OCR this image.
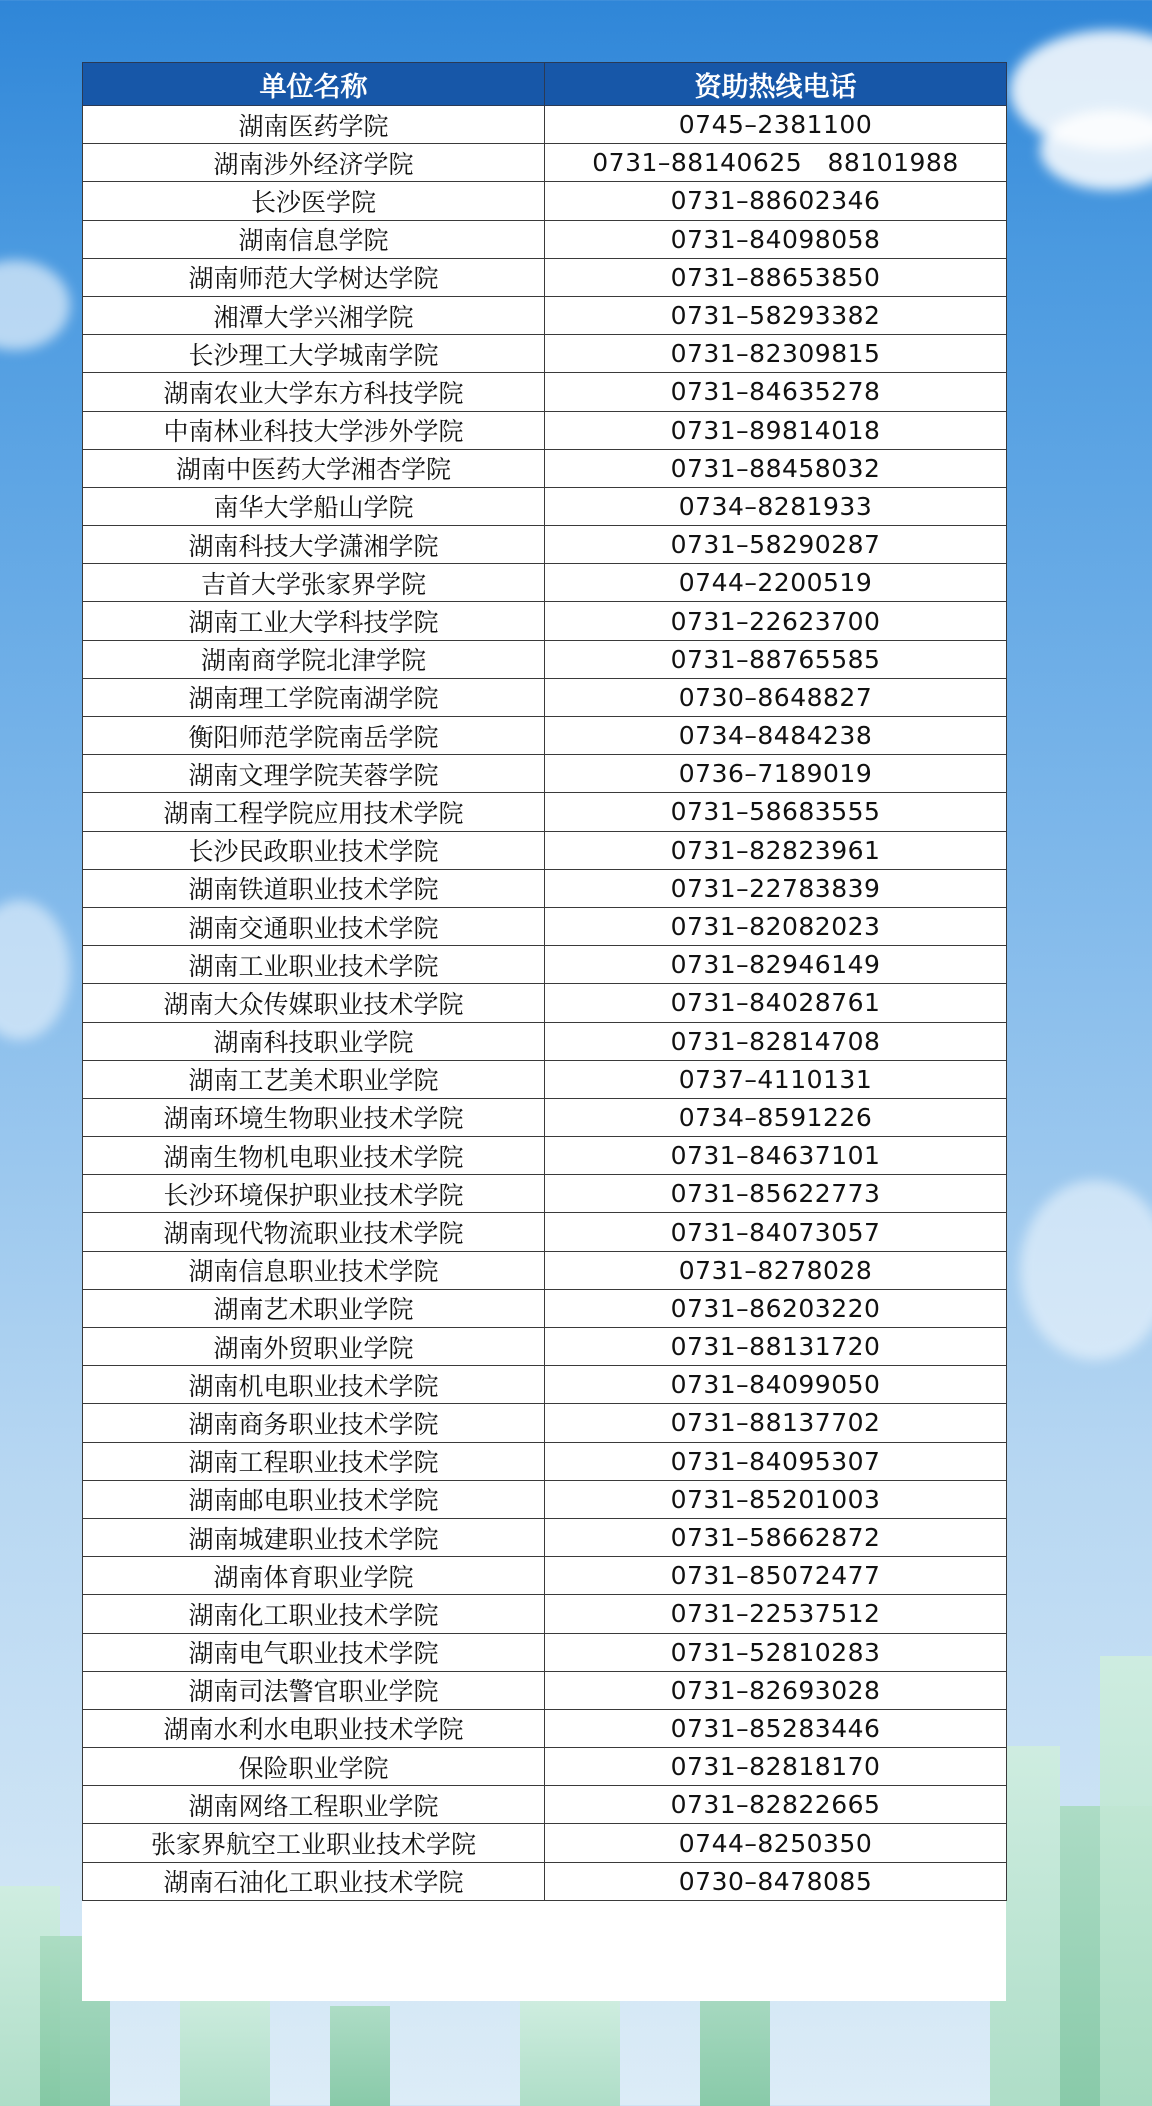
单位名称	资助热线电话
湖南医药学院	0745–2381100
湖南涉外经济学院	0731–88140625   88101988
长沙医学院	0731–88602346
湖南信息学院	0731–84098058
湖南师范大学树达学院	0731–88653850
湘潭大学兴湘学院	0731–58293382
长沙理工大学城南学院	0731–82309815
湖南农业大学东方科技学院	0731–84635278
中南林业科技大学涉外学院	0731–89814018
湖南中医药大学湘杏学院	0731–88458032
南华大学船山学院	0734–8281933
湖南科技大学潇湘学院	0731–58290287
吉首大学张家界学院	0744–2200519
湖南工业大学科技学院	0731–22623700
湖南商学院北津学院	0731–88765585
湖南理工学院南湖学院	0730–8648827
衡阳师范学院南岳学院	0734–8484238
湖南文理学院芙蓉学院	0736–7189019
湖南工程学院应用技术学院	0731–58683555
长沙民政职业技术学院	0731–82823961
湖南铁道职业技术学院	0731–22783839
湖南交通职业技术学院	0731–82082023
湖南工业职业技术学院	0731–82946149
湖南大众传媒职业技术学院	0731–84028761
湖南科技职业学院	0731–82814708
湖南工艺美术职业学院	0737–4110131
湖南环境生物职业技术学院	0734–8591226
湖南生物机电职业技术学院	0731–84637101
长沙环境保护职业技术学院	0731–85622773
湖南现代物流职业技术学院	0731–84073057
湖南信息职业技术学院	0731–8278028
湖南艺术职业学院	0731–86203220
湖南外贸职业学院	0731–88131720
湖南机电职业技术学院	0731–84099050
湖南商务职业技术学院	0731–88137702
湖南工程职业技术学院	0731–84095307
湖南邮电职业技术学院	0731–85201003
湖南城建职业技术学院	0731–58662872
湖南体育职业学院	0731–85072477
湖南化工职业技术学院	0731–22537512
湖南电气职业技术学院	0731–52810283
湖南司法警官职业学院	0731–82693028
湖南水利水电职业技术学院	0731–85283446
保险职业学院	0731–82818170
湖南网络工程职业学院	0731–82822665
张家界航空工业职业技术学院	0744–8250350
湖南石油化工职业技术学院	0730–8478085
